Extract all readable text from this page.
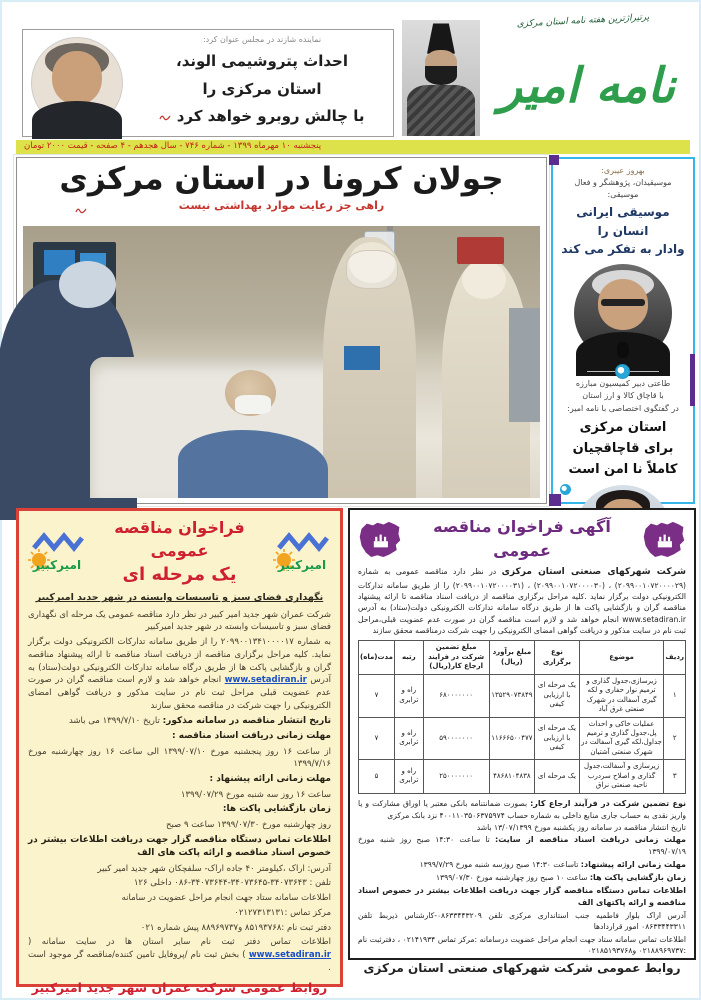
نماینده شازند در مجلس عنوان کرد:
احداث پتروشیمی الوند،
استان مرکزی را
با چالش روبرو خواهد کرد
پرتیراژترین هفته نامه استان مرکزی
نامه امیر
پنجشنبه ۱۰ مهرماه ۱۳۹۹ - شماره ۷۴۶ - سال هجدهم - ۴ صفحه - قیمت ۲۰۰۰ تومان
جولان کرونا در استان مرکزی
راهی جز رعایت موارد بهداشتی نیست
بهروز عیبری:
موسیقیدان، پژوهشگر و فعال موسیقی:
موسیقی ایرانی انسان را
وادار به تفکر می کند
طاعتی دبیر کمیسیون مبارزه
با قاچاق کالا و ارز استان
در گفتگوی اختصاصی با نامه امیر:
استان مرکزی
برای قاچاقچیان
کاملاً نا امن است
امیرکبیر
فراخوان مناقصه عمومی
یک مرحله ای
امیرکبیر
نگهداری فضای سبز و تاسیسات وابسته در شهر جدید امیرکبیر

شرکت عمران شهر جدید امیر کبیر در نظر دارد مناقصه عمومی یک مرحله ای نگهداری فضای سبز و تاسیسات وابسته در شهر جدید امیرکبیر

به شماره ۲۰۹۹۰۰۱۳۴۱۰۰۰۰۱۷ را از طریق سامانه تدارکات الکترونیکی دولت برگزار نماید. کلیه مراحل برگزاری مناقصه از دریافت اسناد مناقصه تا ارائه پیشنهاد مناقصه گران و بازگشایی پاکت ها از طریق درگاه سامانه تدارکات الکترونیکی دولت(ستاد) به آدرس www.setadiran.ir انجام خواهد شد و لازم است مناقصه گران در صورت عدم عضویت قبلی مراحل ثبت نام در سایت مذکور و دریافت گواهی امضای الکترونیکی را جهت شرکت در مناقصه محقق سازند

تاریخ انتشار مناقصه در سامانه مذکور: تاریخ ۱۳۹۹/۷/۱۰ می باشد

مهلت زمانی دریافت اسناد مناقصه :

از ساعت ۱۶ روز پنجشنبه مورخ ۱۳۹۹/۰۷/۱۰ الی ساعت ۱۶ روز چهارشنبه مورخ ۱۳۹۹/۷/۱۶

مهلت زمانی ارائه پیشنهاد :

ساعت ۱۶ روز سه شنبه مورخ ۱۳۹۹/۰۷/۲۹

زمان بازگشایی پاکت ها:

روز چهارشنبه مورخ ۱۳۹۹/۰۷/۳۰ ساعت ۹ صبح

اطلاعات تماس دستگاه مناقصه گزار جهت دریافت اطلاعات بیشتر در خصوص اسناد مناقصه و ارائه پاکت های الف

آدرس: اراک ،کیلومتر ۴۰ جاده اراک- سلفچکان شهر جدید امیر کبیر

تلفن : ۳۴۰۷۳۶۴۳-۳۴۰۷۳۶۴۵-۳۴۰۷۳۶۴۴-۰۸۶ داخلی ۱۲۶

اطلاعات سامانه ستاد جهت انجام مراحل عضویت در سامانه

مرکز تماس :۰۲۱۲۷۳۱۳۱۳۱

دفتر ثبت نام :۸۵۱۹۳۷۶۸ و۸۸۹۶۹۷۳۷ پیش شماره ۰۲۱

اطلاعات تماس دفتر ثبت نام سایر استان ها در سایت سامانه ( www.setadiran.ir ) بخش ثبت نام /پروفایل تامین کننده/مناقصه گر موجود است .

روابط عمومی شرکت عمران شهر جدید امیرکبیر
آگهی فراخوان مناقصه عمومی

شرکت شهرکهای صنعتی استان مرکزی در نظر دارد مناقصه عمومی به شماره (۲۰۹۹۰۰۱۰۷۲۰۰۰۰۲۹) ، (۲۰۹۹۰۰۱۰۷۲۰۰۰۰۳۰) ، (۲۰۹۹۰۰۱۰۷۲۰۰۰۰۳۱) را از طریق سامانه تدارکات الکترونیکی دولت برگزار نماید .کلیه مراحل برگزاری مناقصه از دریافت اسناد مناقصه تا ارائه پیشنهاد مناقصه گران و بازگشایی پاکت ها از طریق درگاه سامانه تدارکات الکترونیکی دولت(ستاد) به آدرس www.setadiran.ir انجام خواهد شد و لازم است مناقصه گران در صورت عدم عضویت قبلی،مراحل ثبت نام در سایت مذکور و دریافت گواهی امضای الکترونیکی را جهت شرکت درمناقصه محقق سازند

ردیف	موضوع	نوع برگزاری	مبلغ برآورد (ریال)	مبلغ تضمین شرکت در فرایند ارجاع کار(ریال)	رتبه	مدت(ماه)
۱	زیرسازی،جدول گذاری و ترمیم نوار حفاری و لکه گیری آسفالت در شهرک صنعتی غرق آباد	یک مرحله ای با ارزیابی کیفی	۱۳۵۲۹۰۷۳۸۴۹	۶۸۰۰۰۰۰۰۰	راه و ترابری	۷
۲	عملیات خاکی و احداث پل،جدول گذاری و ترمیم جداول،لکه گیری آسفالت در شهرک صنعتی آشتیان	یک مرحله ای با ارزیابی کیفی	۱۱۶۶۶۵۰۰۴۷۷	۵۹۰۰۰۰۰۰۰	راه و ترابری	۷
۳	زیرسازی و آسفالت،جدول گذاری و اصلاح سردرب ناحیه صنعتی نراق	یک مرحله ای	۴۸۶۸۱۰۴۸۳۸	۲۵۰۰۰۰۰۰۰	راه و ترابری	۵

نوع تضمین شرکت در فرآیند ارجاع کار: بصورت ضمانتنامه بانکی معتبر یا اوراق مشارکت و یا واریز نقدی به حساب جاری منابع داخلی به شماره حساب ۴۰۰۱۱۰۳۵۰۶۳۷۵۹۷۴ نزد بانک مرکزی

تاریخ انتشار مناقصه در سامانه روز یکشنبه مورخ ۱۳/۰۷/۱۳۹۹ باشد

مهلت زمانی دریافت اسناد مناقصه از سایت: تا ساعت ۱۴:۳۰ صبح روز شنبه مورخ ۱۳۹۹/۰۷/۱۹

مهلت زمانی ارائه پیشنهاد: تاساعت ۱۴:۳۰ صبح روزسه شنبه مورخ ۱۳۹۹/۷/۲۹

زمان بازگشایی پاکت ها: ساعت ۱۰ صبح روز چهارشنبه مورخ ۱۳۹۹/۰۷/۳۰

اطلاعات تماس دستگاه مناقصه گزار جهت دریافت اطلاعات بیشتر در خصوص اسناد مناقصه و ارائه پاکتهای الف

آدرس اراک بلوار فاطمیه جنب استانداری مرکزی تلفن ۰۸۶۳۳۴۴۳۲۰۹-کارشناس ذیربط تلفن ۰۸۶۳۳۴۴۳۳۱۱ امور قراردادها

اطلاعات تماس سامانه ستاد جهت انجام مراحل عضویت درسامانه :مرکز تماس ۰۲۱۴۱۹۳۴ ، دفترثبت نام :۰۲۱۸۸۹۶۹۷۳۷ و۰۲۱۸۵۱۹۳۷۶۸

روابط عمومی شرکت شهرکهای صنعتی استان مرکزی
